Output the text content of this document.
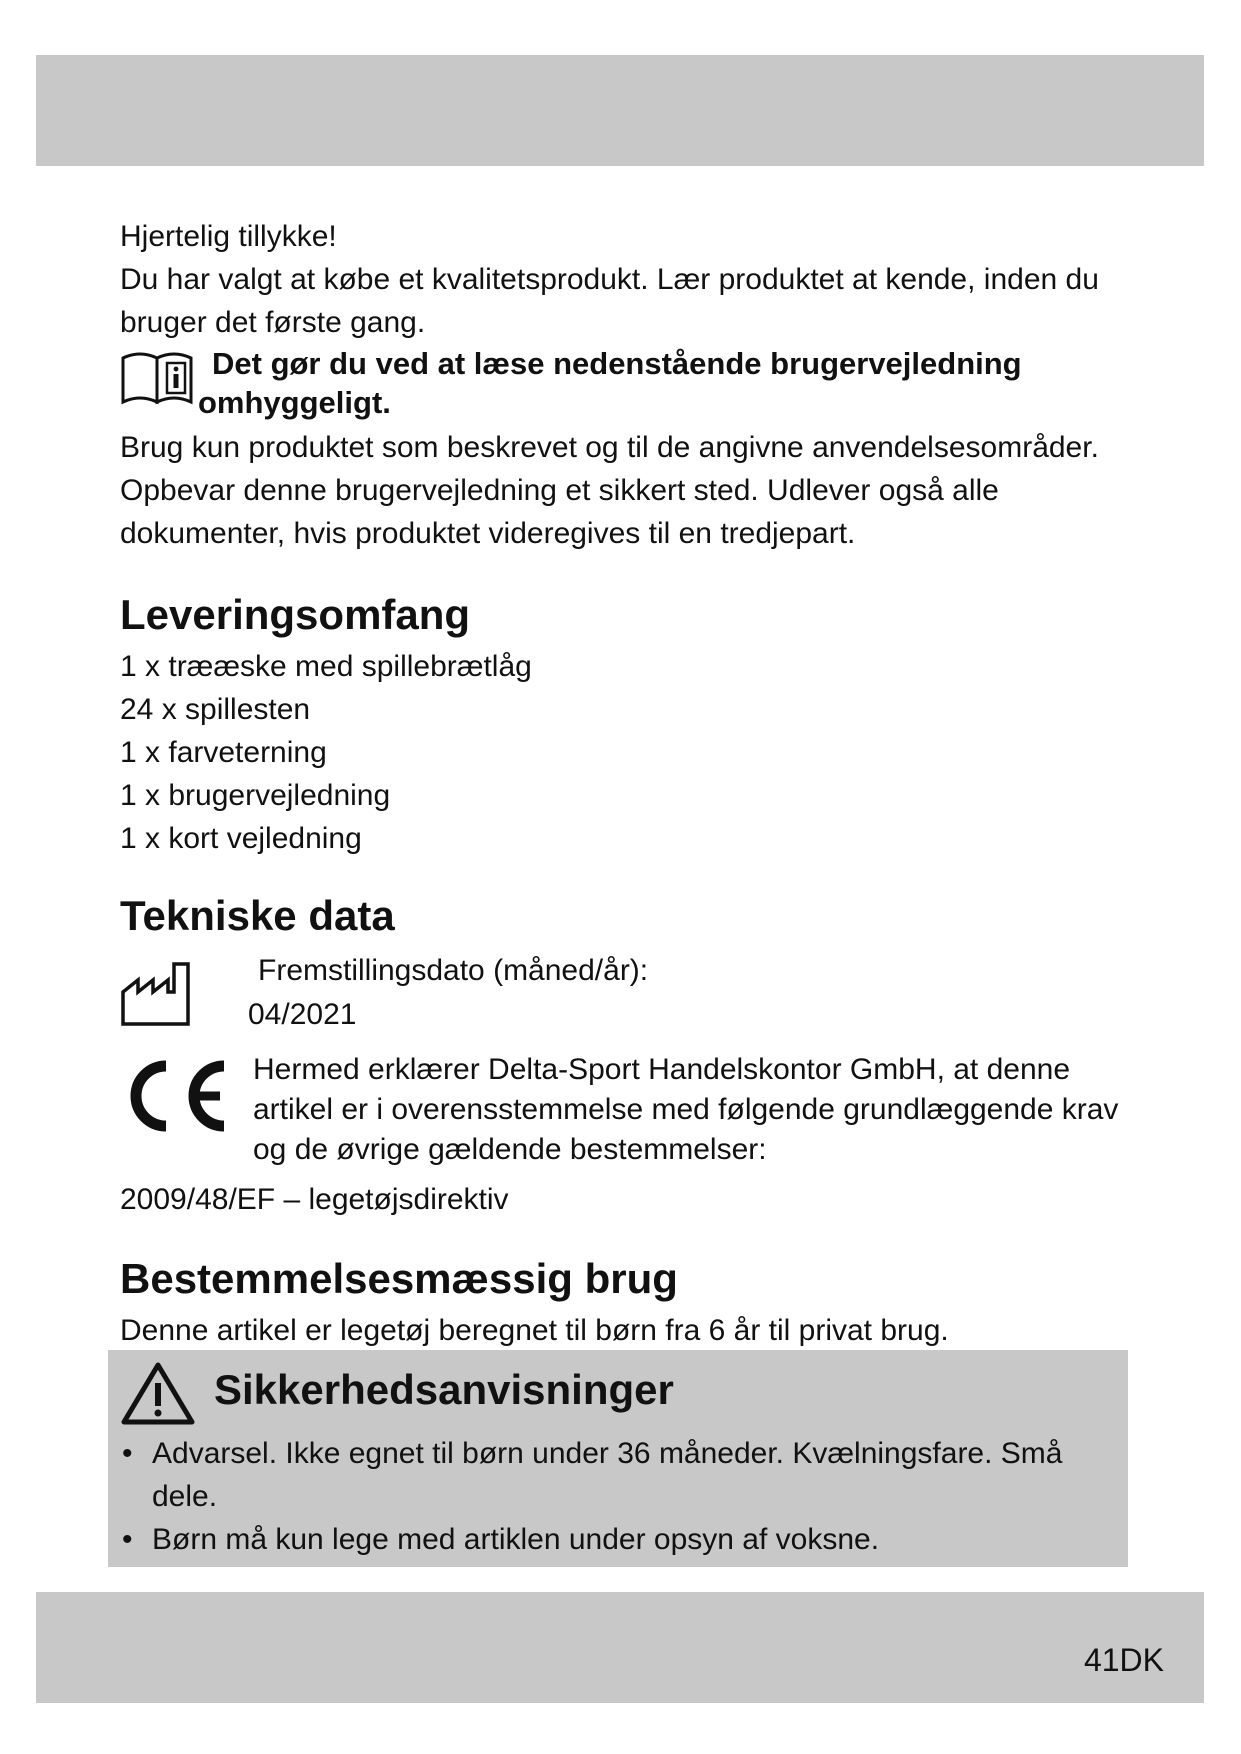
Hjertelig tillykke!

Du har valgt at købe et kvalitetsprodukt. Lær produktet at kende, inden du bruger det første gang.

Det gør du ved at læse nedenstående brugervejledning
omhyggeligt.

Brug kun produktet som beskrevet og til de angivne anvendelsesområder. Opbevar denne brugervejledning et sikkert sted. Udlever også alle dokumenter, hvis produktet videregives til en tredjepart.

Leveringsomfang

1 x trææske med spillebrætlåg

24 x spillesten

1 x farveterning

1 x brugervejledning

1 x kort vejledning

Tekniske data
Fremstillingsdato (måned/år):
04/2021
Hermed erklærer Delta-Sport Handelskontor GmbH, at denne artikel er i overensstemmelse med følgende grundlæggende krav og de øvrige gældende bestemmelser:

2009/48/EF – legetøjsdirektiv

Bestemmelsesmæssig brug

Denne artikel er legetøj beregnet til børn fra 6 år til privat brug.

Sikkerhedsanvisninger
• Advarsel. Ikke egnet til børn under 36 måneder. Kvælningsfare. Små dele.
• Børn må kun lege med artiklen under opsyn af voksne.
41DK
